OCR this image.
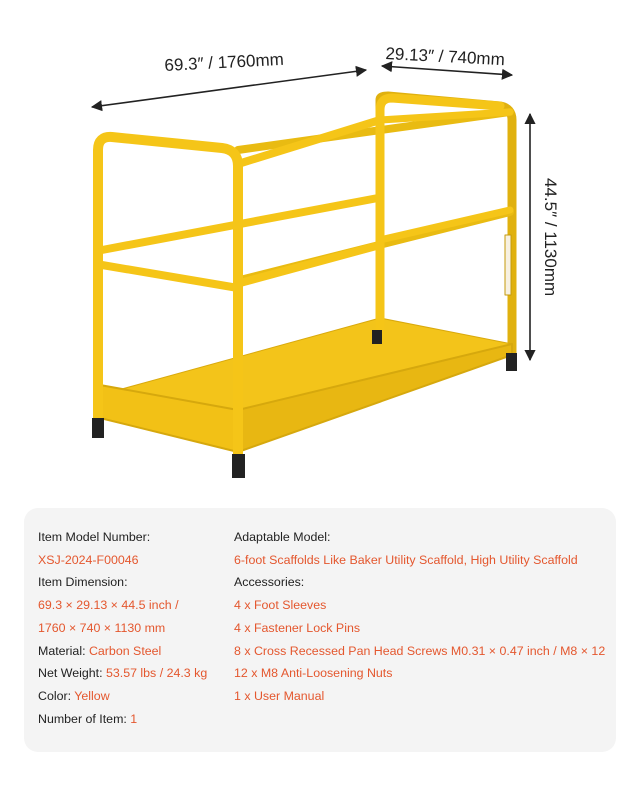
69.3″ / 1760mm	29.13″ / 740mm
44.5″ / 1130mm
Item Model Number:
XSJ-2024-F00046
Item Dimension:
69.3 × 29.13 × 44.5 inch /
1760 × 740 × 1130 mm
Material: Carbon Steel
Net Weight: 53.57 lbs / 24.3 kg
Color: Yellow
Number of Item: 1
Adaptable Model:
6-foot Scaffolds Like Baker Utility Scaffold, High Utility Scaffold
Accessories:
4 x Foot Sleeves
4 x Fastener Lock Pins
8 x Cross Recessed Pan Head Screws M0.31 × 0.47 inch / M8 × 12
12 x M8 Anti-Loosening Nuts
1 x User Manual
